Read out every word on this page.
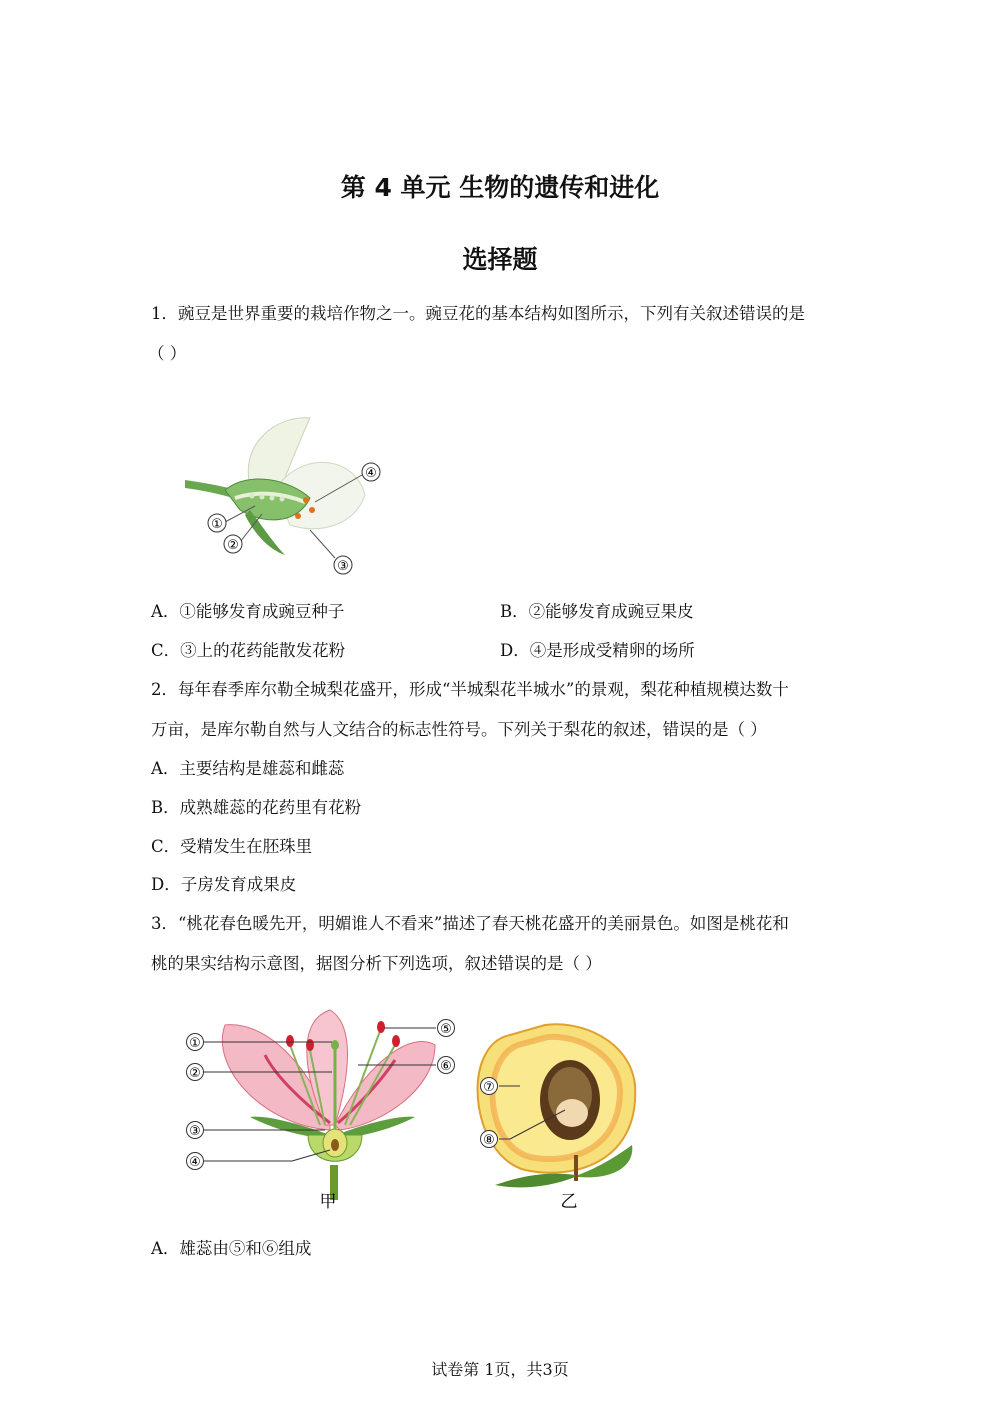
第 4 单元 生物的遗传和进化
选择题
1．豌豆是世界重要的栽培作物之一。豌豆花的基本结构如图所示，下列有关叙述错误的是
（ ）
①
②
③
④
A．①能够发育成豌豆种子	B．②能够发育成豌豆果皮
C．③上的花药能散发花粉	D．④是形成受精卵的场所
2．每年春季库尔勒全城梨花盛开，形成“半城梨花半城水”的景观，梨花种植规模达数十
万亩，是库尔勒自然与人文结合的标志性符号。下列关于梨花的叙述，错误的是（ ）
A．主要结构是雄蕊和雌蕊
B．成熟雄蕊的花药里有花粉
C．受精发生在胚珠里
D．子房发育成果皮
3．“桃花春色暖先开，明媚谁人不看来”描述了春天桃花盛开的美丽景色。如图是桃花和
桃的果实结构示意图，据图分析下列选项，叙述错误的是（ ）
①
②
③
④
⑤
⑥
甲
⑦
⑧
乙
A．雄蕊由⑤和⑥组成
试卷第 1页，共3页
